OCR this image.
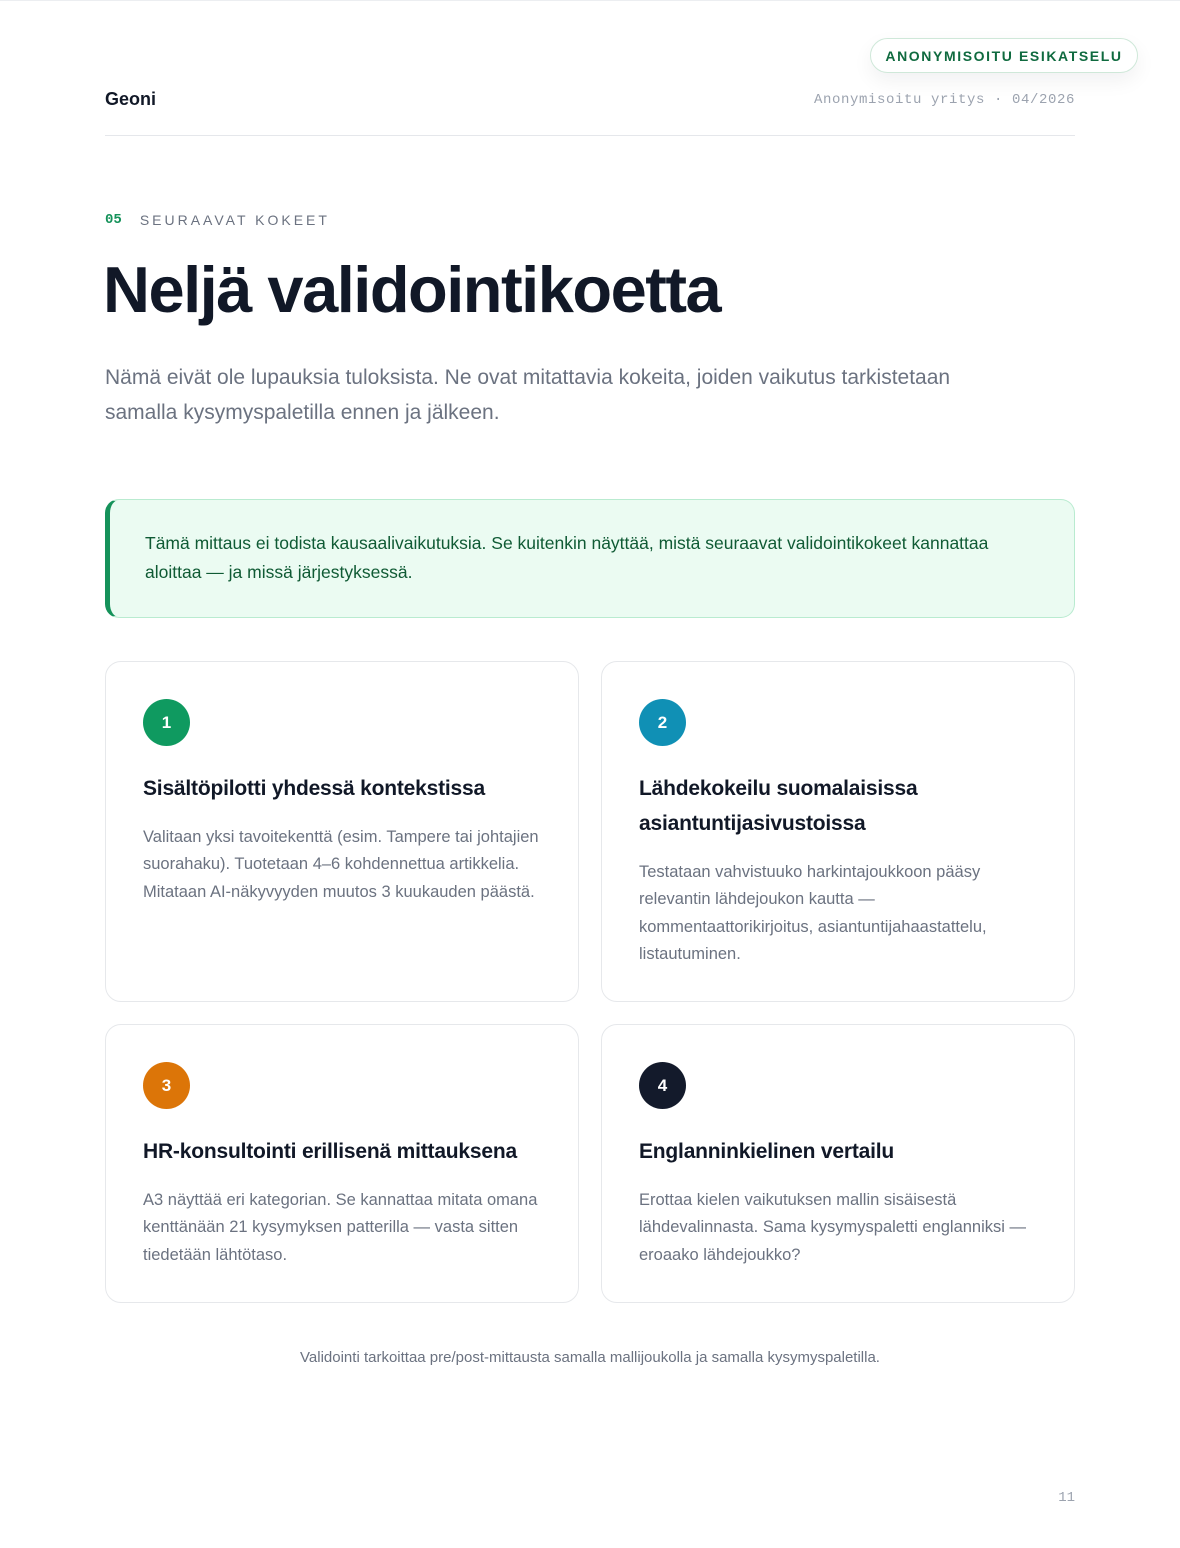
ANONYMISOITU ESIKATSELU
Geoni	Anonymisoitu yritys · 04/2026
05 SEURAAVAT KOKEET
Neljä validointikoetta

Nämä eivät ole lupauksia tuloksista. Ne ovat mitattavia kokeita, joiden vaikutus tarkistetaan samalla kysymyspaletilla ennen ja jälkeen.

Tämä mittaus ei todista kausaalivaikutuksia. Se kuitenkin näyttää, mistä seuraavat validointikokeet kannattaa aloittaa — ja missä järjestyksessä.
1
Sisältöpilotti yhdessä kontekstissa
Valitaan yksi tavoitekenttä (esim. Tampere tai johtajien suorahaku). Tuotetaan 4–6 kohdennettua artikkelia. Mitataan AI-näkyvyyden muutos 3 kuukauden päästä.
2
Lähdekokeilu suomalaisissa asiantuntijasivustoissa
Testataan vahvistuuko harkintajoukkoon pääsy relevantin lähdejoukon kautta — kommentaattorikirjoitus, asiantuntijahaastattelu, listautuminen.
3
HR-konsultointi erillisenä mittauksena
A3 näyttää eri kategorian. Se kannattaa mitata omana kenttänään 21 kysymyksen patterilla — vasta sitten tiedetään lähtötaso.
4
Englanninkielinen vertailu
Erottaa kielen vaikutuksen mallin sisäisestä lähdevalinnasta. Sama kysymyspaletti englanniksi — eroaako lähdejoukko?
Validointi tarkoittaa pre/post-mittausta samalla mallijoukolla ja samalla kysymyspaletilla.
11
